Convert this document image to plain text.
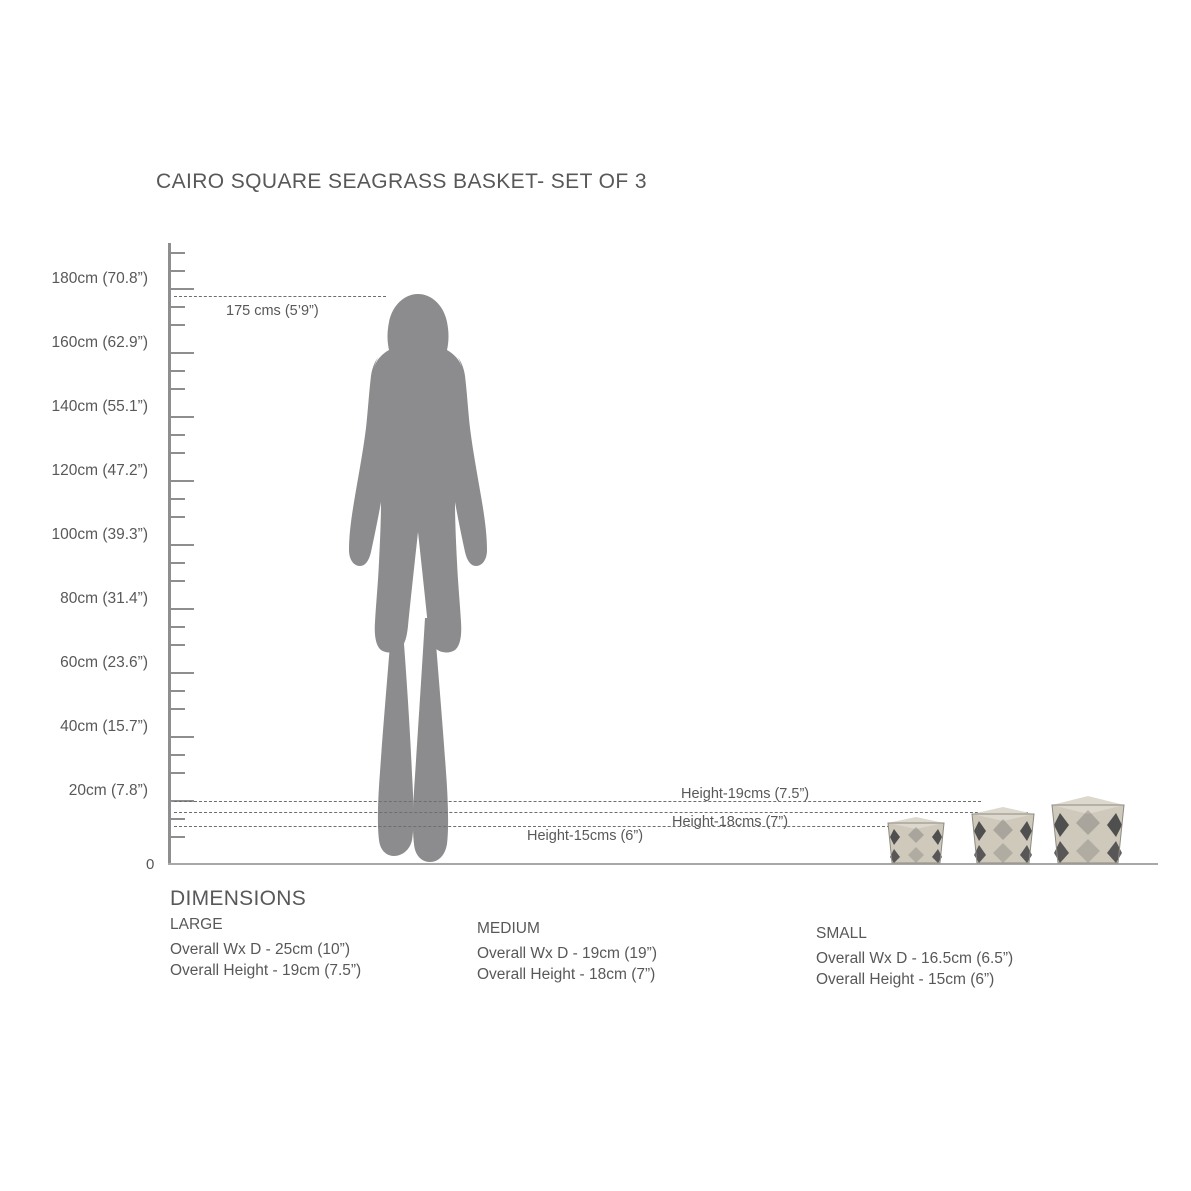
CAIRO SQUARE SEAGRASS BASKET- SET OF 3
180cm (70.8”)
160cm (62.9”)
140cm (55.1”)
120cm (47.2”)
100cm (39.3”)
80cm (31.4”)
60cm (23.6”)
40cm (15.7”)
20cm (7.8”)
0
175 cms (5’9”)
Height-19cms (7.5”)
Height-18cms (7”)
Height-15cms (6”)
DIMENSIONS
LARGE
Overall Wx D - 25cm (10”)
Overall Height - 19cm (7.5”)
MEDIUM
Overall Wx D - 19cm (19”)
Overall Height - 18cm (7”)
SMALL
Overall Wx D - 16.5cm (6.5”)
Overall Height - 15cm (6”)
